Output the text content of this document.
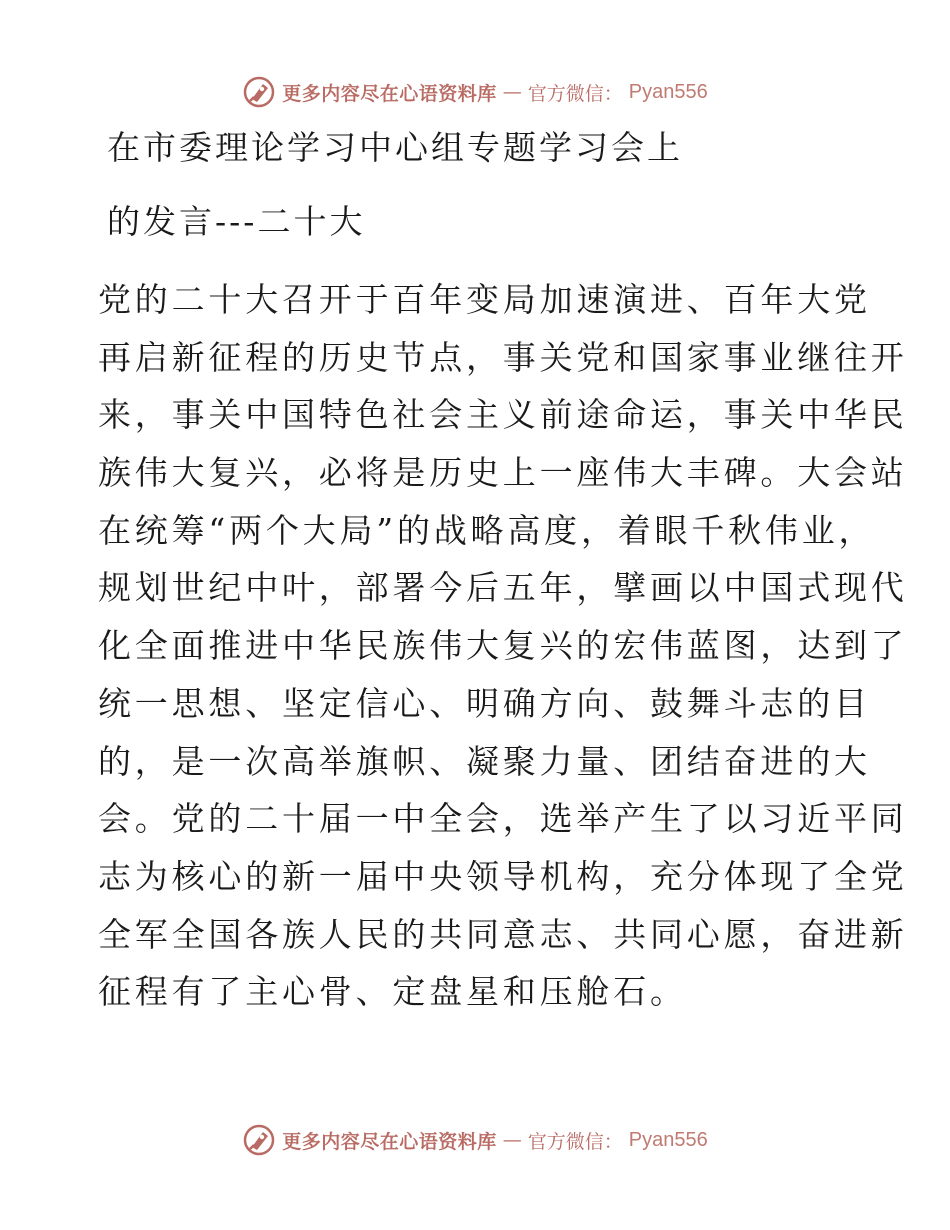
更多内容尽在心语资料库 — 官方微信： Pyan556
在市委理论学习中心组专题学习会上
的发言---二十大
党的二十大召开于百年变局加速演进、百年大党
再启新征程的历史节点，事关党和国家事业继往开
来，事关中国特色社会主义前途命运，事关中华民
族伟大复兴，必将是历史上一座伟大丰碑。大会站
在统筹“两个大局”的战略高度，着眼千秋伟业，
规划世纪中叶，部署今后五年，擘画以中国式现代
化全面推进中华民族伟大复兴的宏伟蓝图，达到了
统一思想、坚定信心、明确方向、鼓舞斗志的目
的，是一次高举旗帜、凝聚力量、团结奋进的大
会。党的二十届一中全会，选举产生了以习近平同
志为核心的新一届中央领导机构，充分体现了全党
全军全国各族人民的共同意志、共同心愿，奋进新
征程有了主心骨、定盘星和压舱石。
更多内容尽在心语资料库 — 官方微信： Pyan556
